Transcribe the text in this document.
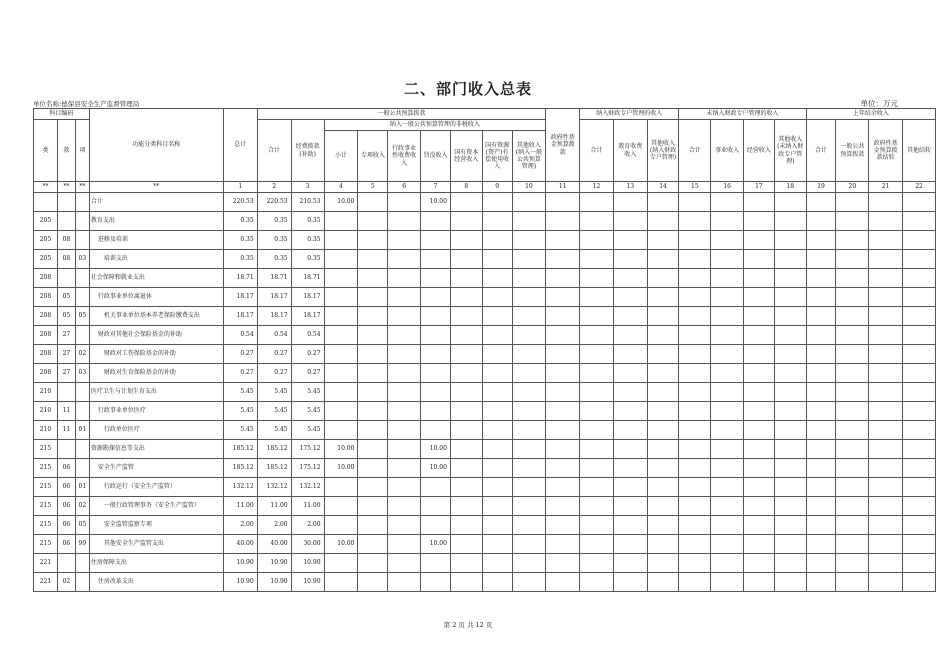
二、部门收入总表
单位名称:德保县安全生产监督管理局	单位：万元
科目编码			功能分类科目名称	总计	一般公共预算拨款									政府性基金预算拨款	纳入财政专户管理的收入			未纳入财政专户管理的收入				上年结余收入			
类	款	项			合计	经费拨款(补助)	纳入一般公共预算管理的非税收入								合计	教育收费收入	其他收入(纳入财政专户管理)	合计	事业收入	经营收入	其他收入(未纳入财政专户管理)	合计	一般公共预算拨款	政府性基金预算拨款结转	其他结转
							小计	专项收入	行政事业性收费收入	罚没收入	国有资本经营收入	国有资源(资产)有偿使用收入	其他收入(纳入一般公共预算管理)												
**	**	**	**	1	2	3	4	5	6	7	8	9	10	11	12	13	14	15	16	17	18	19	20	21	22
			合计	220.53	220.53	210.53	10.00			10.00															
205			教育支出	0.35	0.35	0.35																			
205	08		进修及培训	0.35	0.35	0.35																			
205	08	03	培训支出	0.35	0.35	0.35																			
208			社会保障和就业支出	18.71	18.71	18.71																			
208	05		行政事业单位离退休	18.17	18.17	18.17																			
208	05	05	机关事业单位基本养老保险缴费支出	18.17	18.17	18.17																			
208	27		财政对其他社会保险基金的补助	0.54	0.54	0.54																			
208	27	02	财政对工伤保险基金的补助	0.27	0.27	0.27																			
208	27	03	财政对生育保险基金的补助	0.27	0.27	0.27																			
210			医疗卫生与计划生育支出	5.45	5.45	5.45																			
210	11		行政事业单位医疗	5.45	5.45	5.45																			
210	11	01	行政单位医疗	5.45	5.45	5.45																			
215			资源勘探信息等支出	185.12	185.12	175.12	10.00			10.00															
215	06		安全生产监管	185.12	185.12	175.12	10.00			10.00															
215	06	01	行政运行（安全生产监管）	132.12	132.12	132.12																			
215	06	02	一般行政管理事务（安全生产监管）	11.00	11.00	11.00																			
215	06	05	安全监管监察专项	2.00	2.00	2.00																			
215	06	99	其他安全生产监管支出	40.00	40.00	30.00	10.00			10.00															
221			住房保障支出	10.90	10.90	10.90																			
221	02		住房改革支出	10.90	10.90	10.90																			
第 2 页 共 12 页
